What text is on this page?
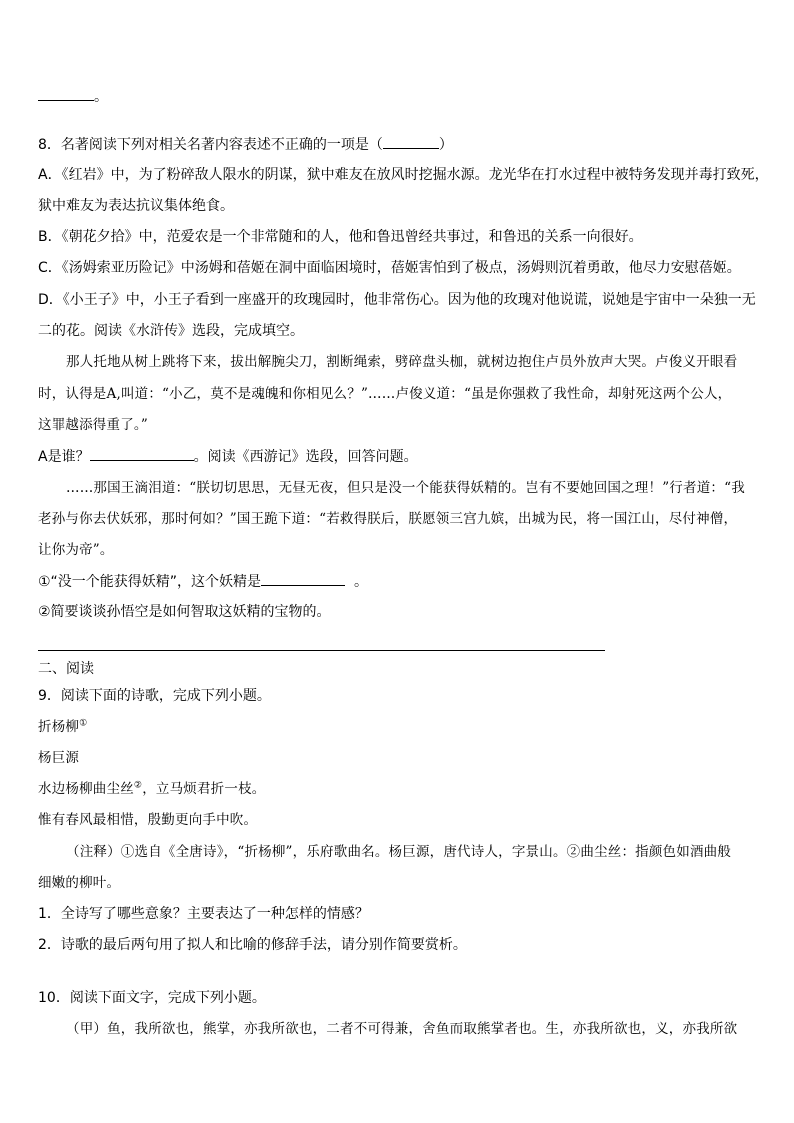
。
8．名著阅读下列对相关名著内容表述不正确的一项是（	）
A．《红岩》中，为了粉碎敌人限水的阴谋，狱中难友在放风时挖掘水源。龙光华在打水过程中被特务发现并毒打致死，
狱中难友为表达抗议集体绝食。
B．《朝花夕拾》中，范爱农是一个非常随和的人，他和鲁迅曾经共事过，和鲁迅的关系一向很好。
C．《汤姆索亚历险记》中汤姆和蓓姬在洞中面临困境时，蓓姬害怕到了极点，汤姆则沉着勇敢，他尽力安慰蓓姬。
D．《小王子》中，小王子看到一座盛开的玫瑰园时，他非常伤心。因为他的玫瑰对他说谎，说她是宇宙中一朵独一无
二的花。阅读《水浒传》选段，完成填空。
那人托地从树上跳将下来，拔出解腕尖刀，割断绳索，劈碎盘头枷，就树边抱住卢员外放声大哭。卢俊义开眼看
时，认得是A,叫道：“小乙，莫不是魂魄和你相见么？”……卢俊义道：“虽是你强救了我性命，却射死这两个公人，
这罪越添得重了。”
A是谁？	。阅读《西游记》选段，回答问题。
……那国王滴泪道：“朕切切思思，无昼无夜，但只是没一个能获得妖精的。岂有不要她回国之理！”行者道：“我
老孙与你去伏妖邪，那时何如？”国王跪下道：“若救得朕后，朕愿领三宫九嫔，出城为民，将一国江山，尽付神僧，
让你为帝”。
①“没一个能获得妖精”，这个妖精是	。
②简要谈谈孙悟空是如何智取这妖精的宝物的。
二、阅读
9．阅读下面的诗歌，完成下列小题。
折杨柳①
杨巨源
水边杨柳曲尘丝②，立马烦君折一枝。
惟有春风最相惜，殷勤更向手中吹。
（注释）①选自《全唐诗》，“折杨柳”，乐府歌曲名。杨巨源，唐代诗人，字景山。②曲尘丝：指颜色如酒曲般
细嫩的柳叶。
1．全诗写了哪些意象？主要表达了一种怎样的情感？
2．诗歌的最后两句用了拟人和比喻的修辞手法，请分别作简要赏析。
10．阅读下面文字，完成下列小题。
（甲）鱼，我所欲也，熊掌，亦我所欲也，二者不可得兼，舍鱼而取熊掌者也。生，亦我所欲也，义，亦我所欲
